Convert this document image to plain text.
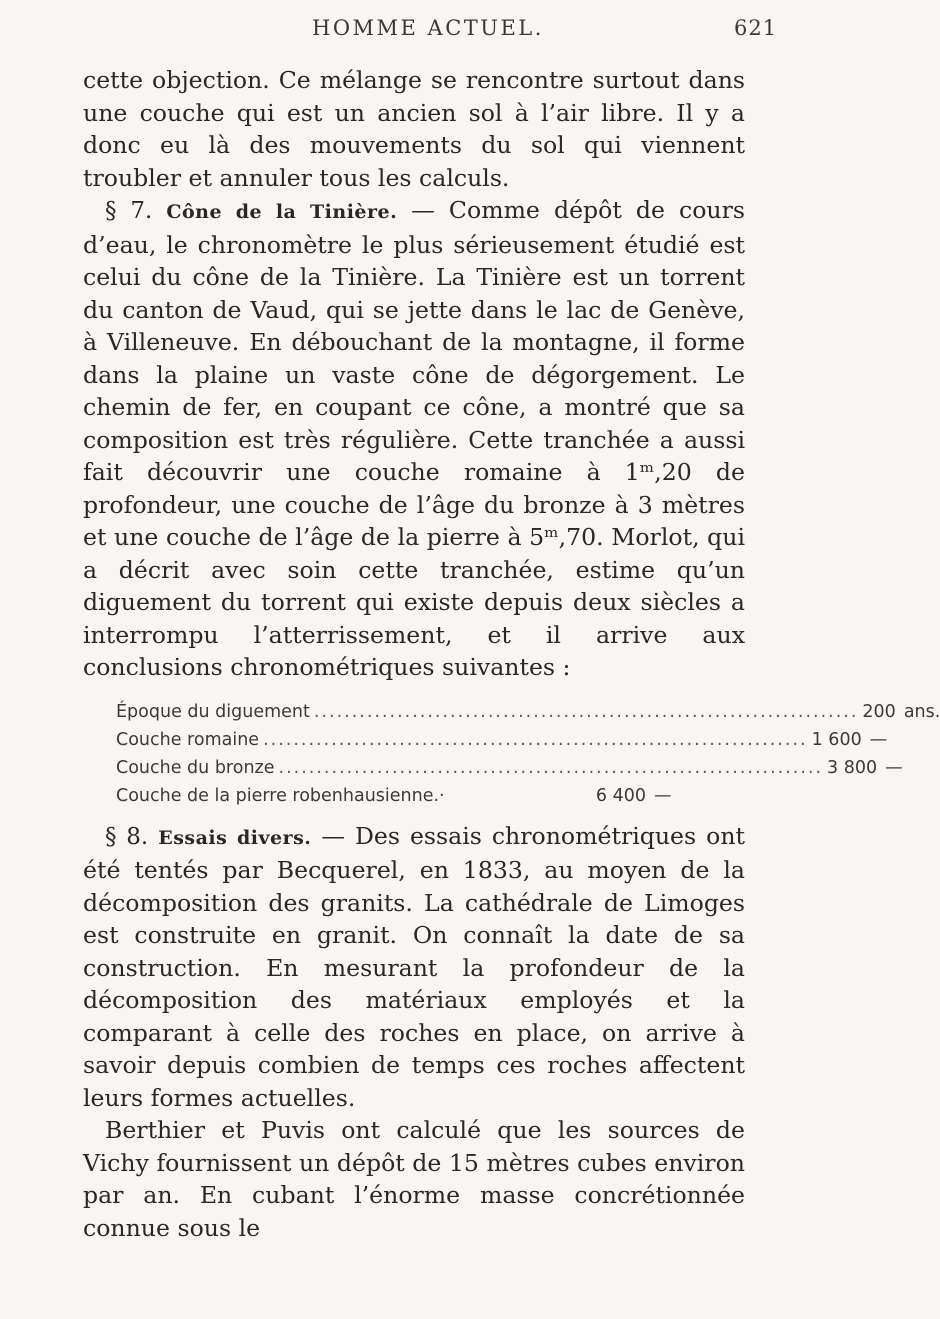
HOMME ACTUEL.	621

cette objection. Ce mélange se rencontre surtout dans une couche qui est un ancien sol à l’air libre. Il y a donc eu là des mouvements du sol qui viennent troubler et annuler tous les calculs.

§ 7. Cône de la Tinière. — Comme dépôt de cours d’eau, le chronomètre le plus sérieusement étudié est celui du cône de la Tinière. La Tinière est un torrent du canton de Vaud, qui se jette dans le lac de Genève, à Villeneuve. En débouchant de la montagne, il forme dans la plaine un vaste cône de dégorgement. Le chemin de fer, en coupant ce cône, a montré que sa composition est très régulière. Cette tranchée a aussi fait découvrir une couche romaine à 1ᵐ,20 de profondeur, une couche de l’âge du bronze à 3 mètres et une couche de l’âge de la pierre à 5ᵐ,70. Morlot, qui a décrit avec soin cette tranchée, estime qu’un diguement du torrent qui existe depuis deux siècles a interrompu l’atterrissement, et il arrive aux conclusions chronométriques suivantes :

Époque du diguement ........................................................................ 200 ans.
Couche romaine ........................................................................ 1 600 —
Couche du bronze ........................................................................ 3 800 —
Couche de la pierre robenhausienne.·	6 400 —

§ 8. Essais divers. — Des essais chronométriques ont été tentés par Becquerel, en 1833, au moyen de la décomposition des granits. La cathédrale de Limoges est construite en granit. On connaît la date de sa construction. En mesurant la profondeur de la décomposition des matériaux employés et la comparant à celle des roches en place, on arrive à savoir depuis combien de temps ces roches affectent leurs formes actuelles.

Berthier et Puvis ont calculé que les sources de Vichy fournissent un dépôt de 15 mètres cubes environ par an. En cubant l’énorme masse concrétionnée connue sous le
